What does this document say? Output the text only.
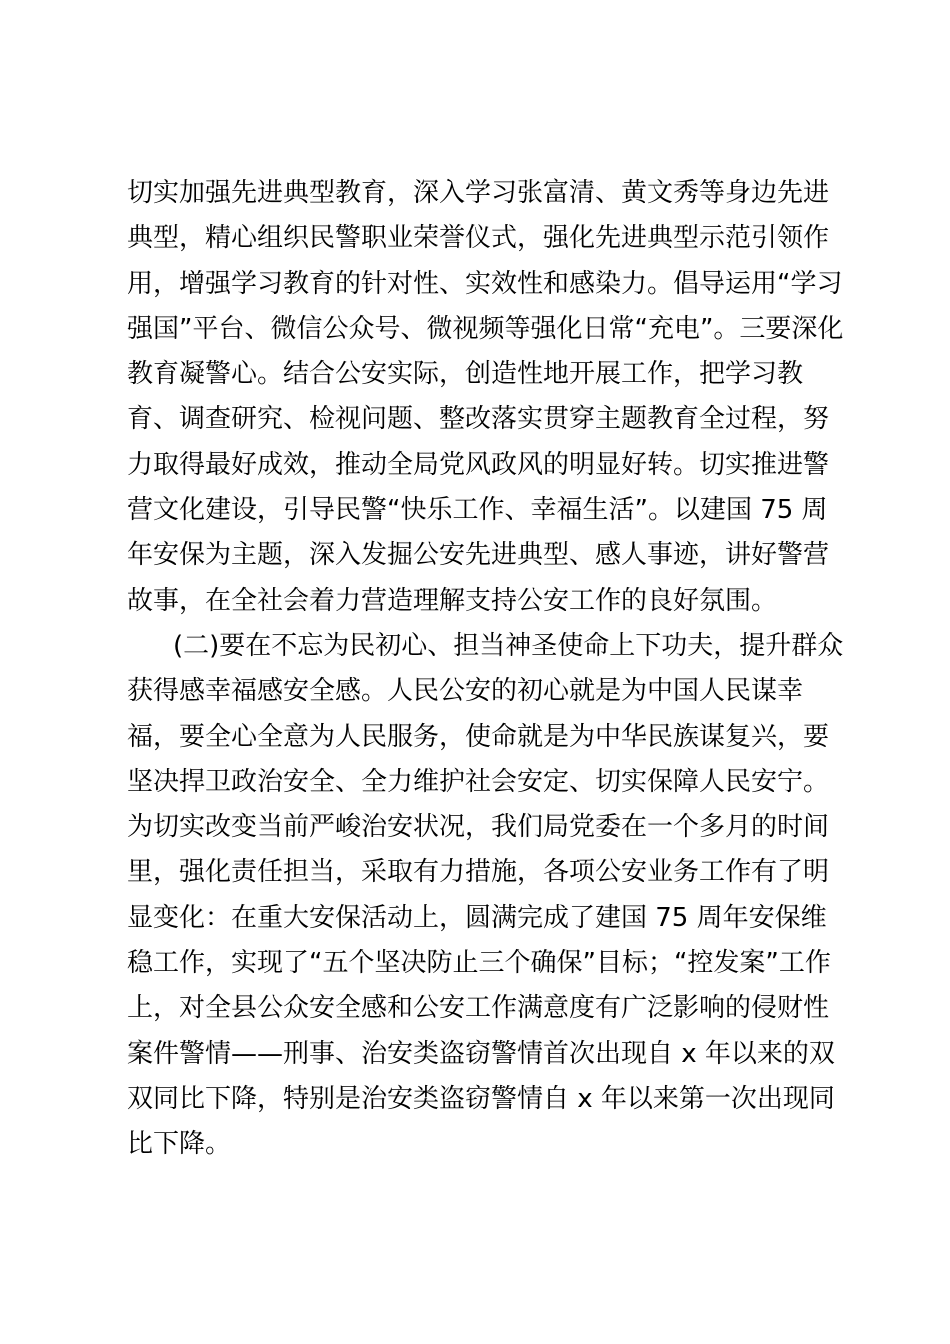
切实加强先进典型教育，深入学习张富清、黄文秀等身边先进
典型，精心组织民警职业荣誉仪式，强化先进典型示范引领作
用，增强学习教育的针对性、实效性和感染力。倡导运用“学习
强国”平台、微信公众号、微视频等强化日常“充电”。三要深化
教育凝警心。结合公安实际，创造性地开展工作，把学习教
育、调查研究、检视问题、整改落实贯穿主题教育全过程，努
力取得最好成效，推动全局党风政风的明显好转。切实推进警
营文化建设，引导民警“快乐工作、幸福生活”。以建国 75 周
年安保为主题，深入发掘公安先进典型、感人事迹，讲好警营
故事，在全社会着力营造理解支持公安工作的良好氛围。
(二)要在不忘为民初心、担当神圣使命上下功夫，提升群众
获得感幸福感安全感。人民公安的初心就是为中国人民谋幸
福，要全心全意为人民服务，使命就是为中华民族谋复兴，要
坚决捍卫政治安全、全力维护社会安定、切实保障人民安宁。
为切实改变当前严峻治安状况，我们局党委在一个多月的时间
里，强化责任担当，采取有力措施，各项公安业务工作有了明
显变化：在重大安保活动上，圆满完成了建国 75 周年安保维
稳工作，实现了“五个坚决防止三个确保”目标；“控发案”工作
上，对全县公众安全感和公安工作满意度有广泛影响的侵财性
案件警情——刑事、治安类盗窃警情首次出现自 x 年以来的双
双同比下降，特别是治安类盗窃警情自 x 年以来第一次出现同
比下降。
